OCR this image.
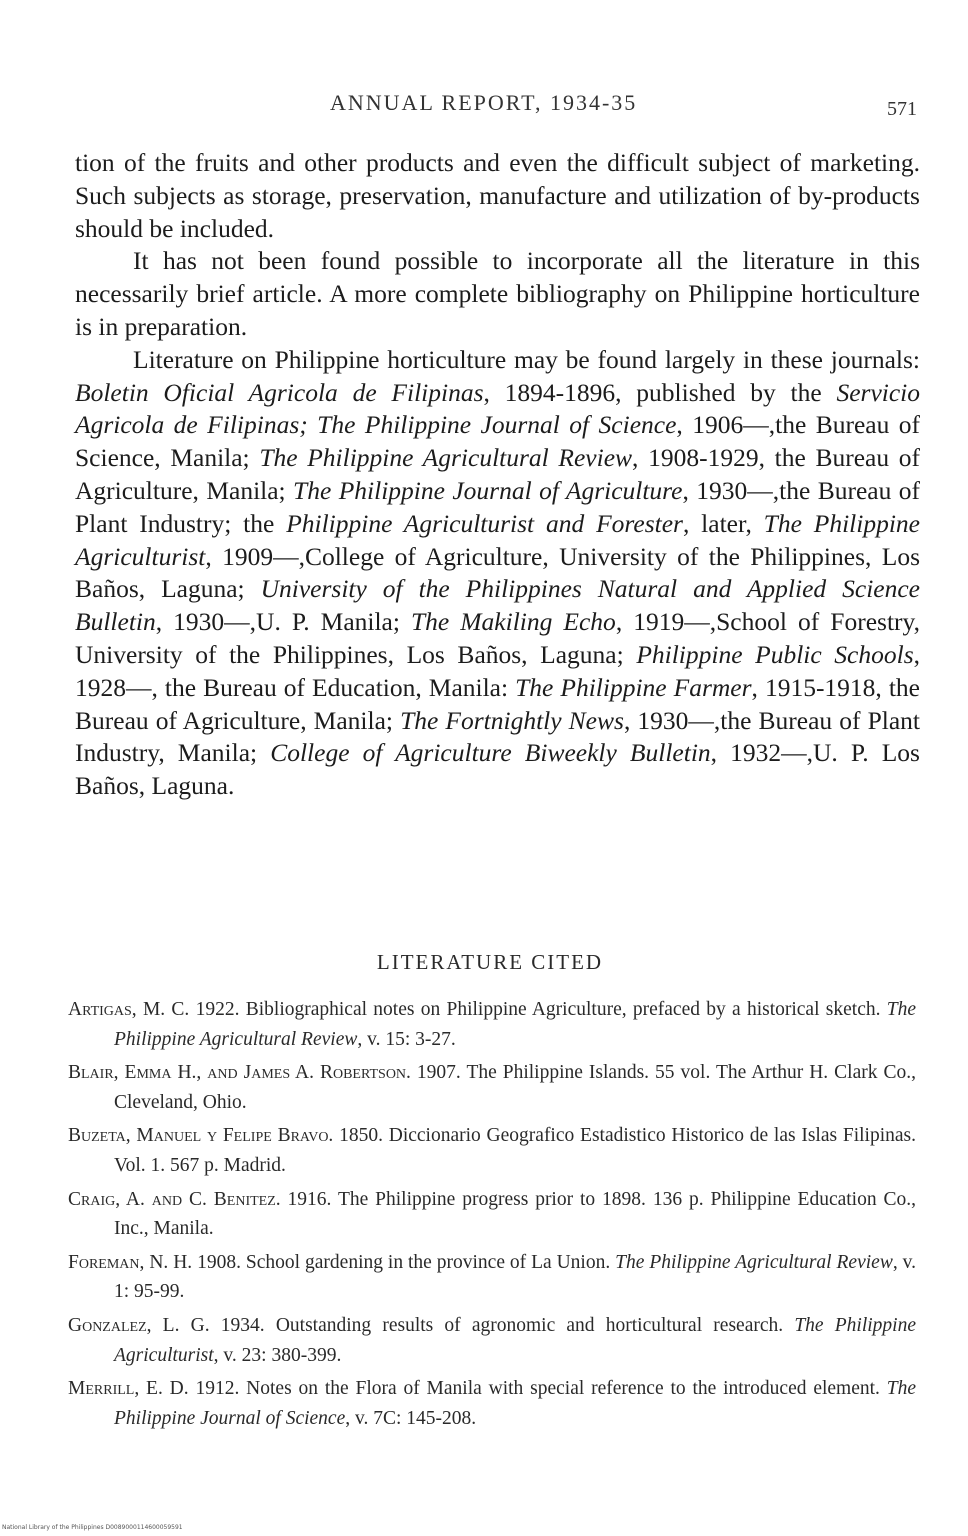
ANNUAL REPORT, 1934-35	571

tion of the fruits and other products and even the difficult subject of marketing. Such subjects as storage, preservation, manufacture and utilization of by-products should be included.

It has not been found possible to incorporate all the literature in this necessarily brief article. A more complete bibliography on Philippine horticulture is in preparation.

Literature on Philippine horticulture may be found largely in these journals: Boletin Oficial Agricola de Filipinas, 1894-1896, published by the Servicio Agricola de Filipinas; The Philippine Journal of Science, 1906—,the Bureau of Science, Manila; The Philippine Agricultural Review, 1908-1929, the Bureau of Agriculture, Manila; The Philippine Journal of Agriculture, 1930—,the Bureau of Plant Industry; the Philippine Agriculturist and Forester, later, The Philippine Agriculturist, 1909—,College of Agriculture, University of the Philippines, Los Baños, Laguna; University of the Philippines Natural and Applied Science Bulletin, 1930—,U. P. Manila; The Makiling Echo, 1919—,School of Forestry, University of the Philippines, Los Baños, Laguna; Philippine Public Schools, 1928—, the Bureau of Education, Manila: The Philippine Farmer, 1915-1918, the Bureau of Agriculture, Manila; The Fortnightly News, 1930—,the Bureau of Plant Industry, Manila; College of Agriculture Biweekly Bulletin, 1932—,U. P. Los Baños, Laguna.

LITERATURE CITED
Artigas, M. C. 1922. Bibliographical notes on Philippine Agriculture, prefaced by a historical sketch. The Philippine Agricultural Review, v. 15: 3-27.
Blair, Emma H., and James A. Robertson. 1907. The Philippine Islands. 55 vol. The Arthur H. Clark Co., Cleveland, Ohio.
Buzeta, Manuel y Felipe Bravo. 1850. Diccionario Geografico Estadistico Historico de las Islas Filipinas. Vol. 1. 567 p. Madrid.
Craig, A. and C. Benitez. 1916. The Philippine progress prior to 1898. 136 p. Philippine Education Co., Inc., Manila.
Foreman, N. H. 1908. School gardening in the province of La Union. The Philippine Agricultural Review, v. 1: 95-99.
Gonzalez, L. G. 1934. Outstanding results of agronomic and horticultural research. The Philippine Agriculturist, v. 23: 380-399.
Merrill, E. D. 1912. Notes on the Flora of Manila with special reference to the introduced element. The Philippine Journal of Science, v. 7C: 145-208.
National Library of the Philippines D0089000114600059591
